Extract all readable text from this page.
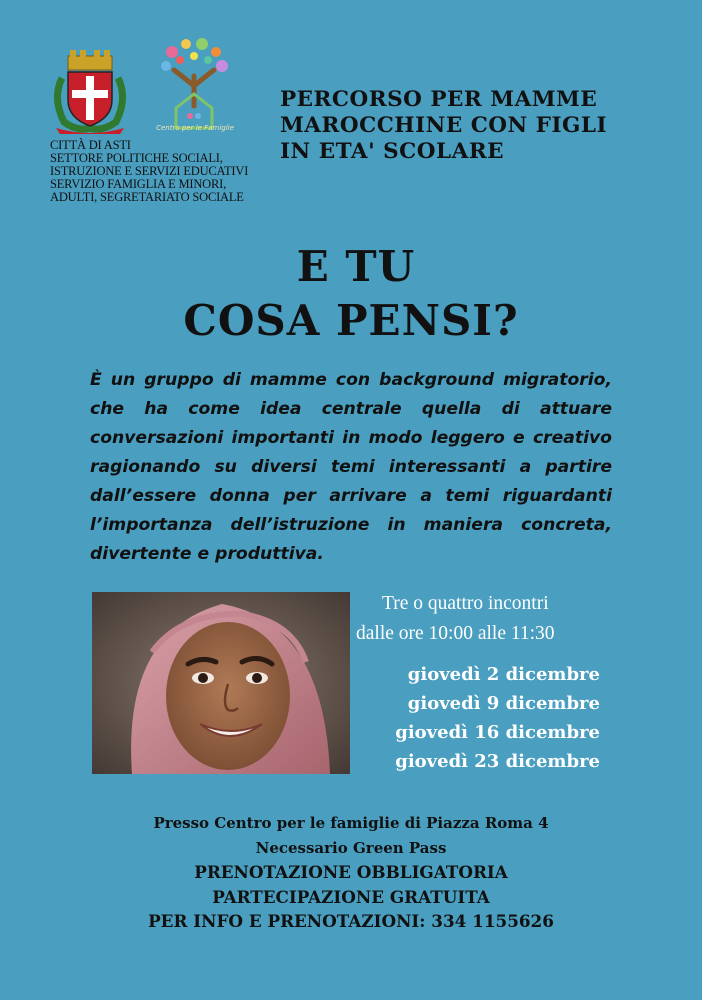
Centro per le Famiglie
CITTÀ DI ASTI
SETTORE POLITICHE SOCIALI,
ISTRUZIONE E SERVIZI EDUCATIVI
SERVIZIO FAMIGLIA E MINORI,
ADULTI, SEGRETARIATO SOCIALE
PERCORSO PER MAMME
MAROCCHINE CON FIGLI
IN ETA' SCOLARE
E TU
COSA PENSI?
È un gruppo di mamme con background migratorio,
che ha come idea centrale quella di attuare
conversazioni importanti in modo leggero e creativo
ragionando su diversi temi interessanti a partire
dall’essere donna per arrivare a temi riguardanti
l’importanza dell’istruzione in maniera concreta,
divertente e produttiva.
Tre o quattro incontri
dalle ore 10:00 alle 11:30
giovedì 2 dicembre
giovedì 9 dicembre
giovedì 16 dicembre
giovedì 23 dicembre
Presso Centro per le famiglie di Piazza Roma 4
Necessario Green Pass
PRENOTAZIONE OBBLIGATORIA
PARTECIPAZIONE GRATUITA
PER INFO E PRENOTAZIONI: 334 1155626
